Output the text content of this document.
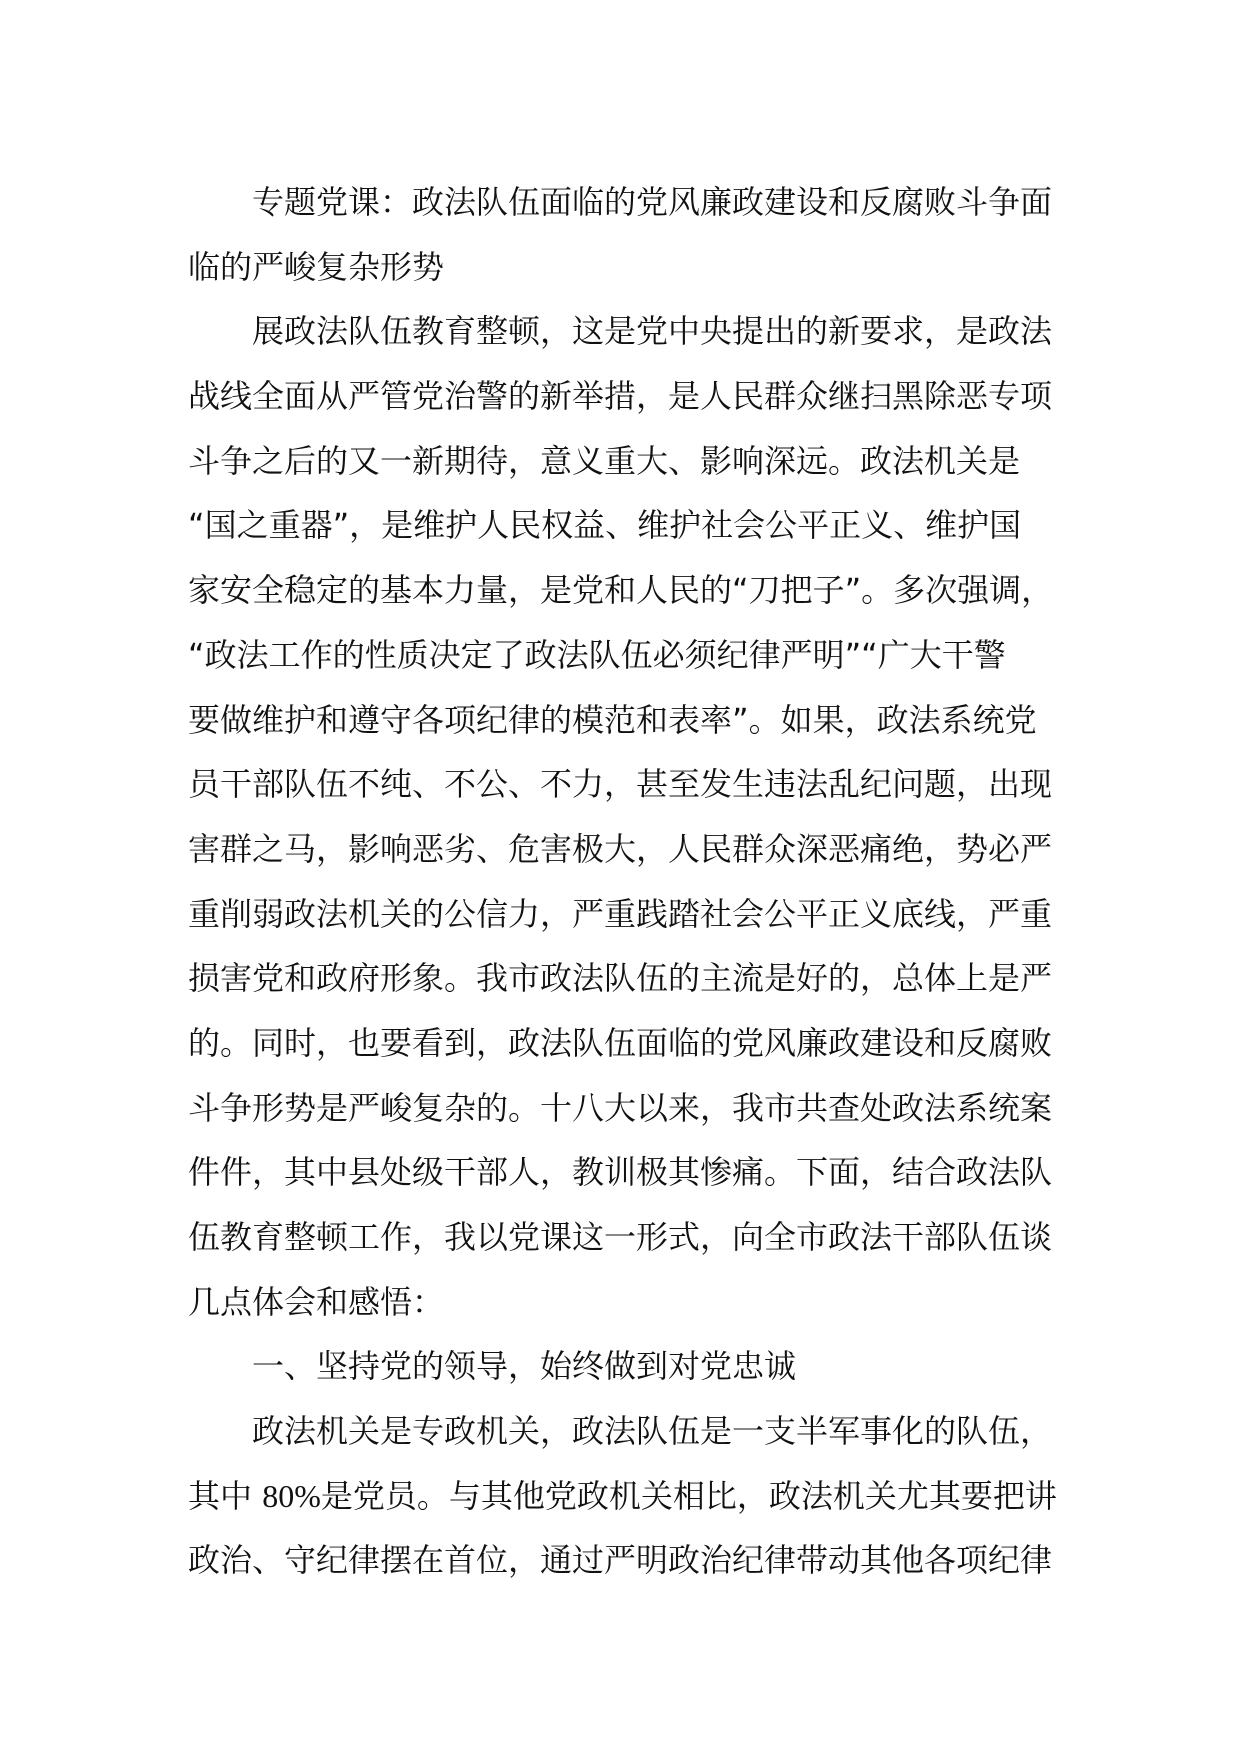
专题党课：政法队伍面临的党风廉政建设和反腐败斗争面
临的严峻复杂形势
展政法队伍教育整顿，这是党中央提出的新要求，是政法
战线全面从严管党治警的新举措，是人民群众继扫黑除恶专项
斗争之后的又一新期待，意义重大、影响深远。政法机关是
“国之重器”，是维护人民权益、维护社会公平正义、维护国
家安全稳定的基本力量，是党和人民的“刀把子”。多次强调，
“政法工作的性质决定了政法队伍必须纪律严明”“广大干警
要做维护和遵守各项纪律的模范和表率”。如果，政法系统党
员干部队伍不纯、不公、不力，甚至发生违法乱纪问题，出现
害群之马，影响恶劣、危害极大，人民群众深恶痛绝，势必严
重削弱政法机关的公信力，严重践踏社会公平正义底线，严重
损害党和政府形象。我市政法队伍的主流是好的，总体上是严
的。同时，也要看到，政法队伍面临的党风廉政建设和反腐败
斗争形势是严峻复杂的。十八大以来，我市共查处政法系统案
件件，其中县处级干部人，教训极其惨痛。下面，结合政法队
伍教育整顿工作，我以党课这一形式，向全市政法干部队伍谈
几点体会和感悟：
一、坚持党的领导，始终做到对党忠诚
政法机关是专政机关，政法队伍是一支半军事化的队伍，
其中 80%是党员。与其他党政机关相比，政法机关尤其要把讲
政治、守纪律摆在首位，通过严明政治纪律带动其他各项纪律
